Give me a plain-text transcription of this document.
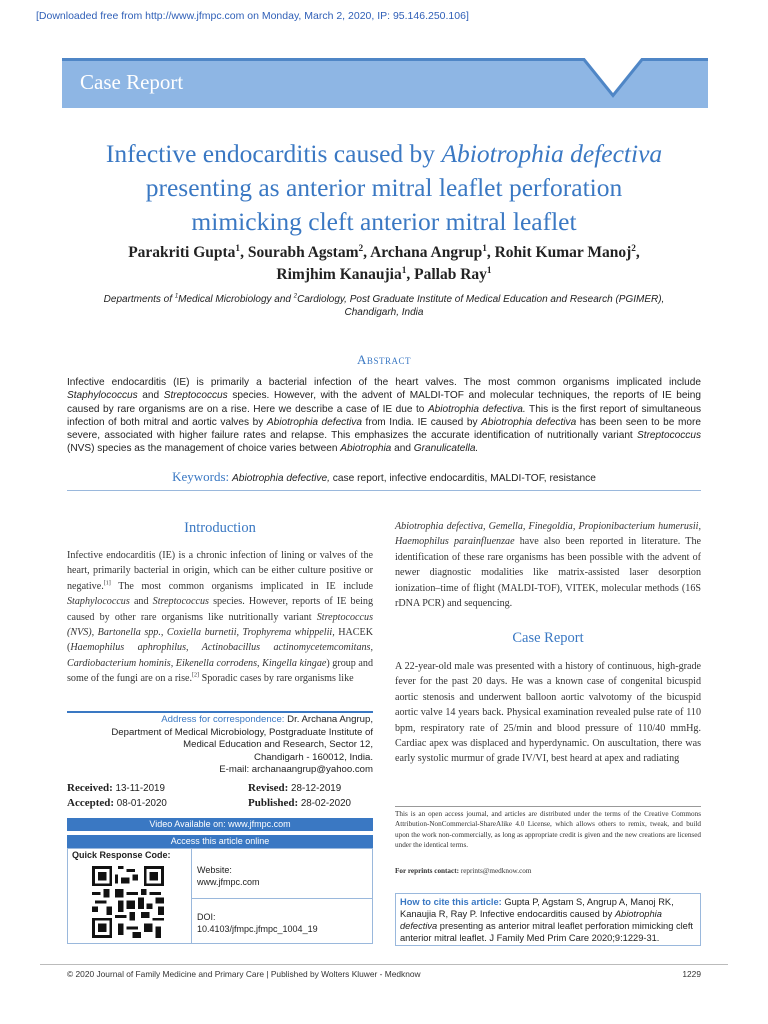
[Downloaded free from http://www.jfmpc.com on Monday, March 2, 2020, IP: 95.146.250.106]
Case Report
Infective endocarditis caused by Abiotrophia defectiva
presenting as anterior mitral leaflet perforation
mimicking cleft anterior mitral leaflet
Parakriti Gupta$^1$, Sourabh Agstam$^2$, Archana Angrup$^1$, Rohit Kumar Manoj$^2$,
Rimjhim Kanaujia$^1$, Pallab Ray$^1$
Departments of $^1$Medical Microbiology and $^2$Cardiology, Post Graduate Institute of Medical Education and Research (PGIMER),
Chandigarh, India
Abstract
Infective endocarditis (IE) is primarily a bacterial infection of the heart valves. The most common organisms implicated include Staphylococcus and Streptococcus species. However, with the advent of MALDI-TOF and molecular techniques, the reports of IE being caused by rare organisms are on a rise. Here we describe a case of IE due to Abiotrophia defectiva. This is the first report of simultaneous infection of both mitral and aortic valves by Abiotrophia defectiva from India. IE caused by Abiotrophia defectiva has been seen to be more severe, associated with higher failure rates and relapse. This emphasizes the accurate identification of nutritionally variant Streptococcus (NVS) species as the management of choice varies between Abiotrophia and Granulicatella.
Keywords: Abiotrophia defective, case report, infective endocarditis, MALDI-TOF, resistance
Introduction
Infective endocarditis (IE) is a chronic infection of lining or valves of the heart, primarily bacterial in origin, which can be either culture positive or negative.[1] The most common organisms implicated in IE include Staphylococcus and Streptococcus species. However, reports of IE being caused by other rare organisms like nutritionally variant Streptococcus (NVS), Bartonella spp., Coxiella burnetii, Trophyrema whippelii, HACEK (Haemophilus aphrophilus, Actinobacillus actinomycetemcomitans, Cardiobacterium hominis, Eikenella corrodens, Kingella kingae) group and some of the fungi are on a rise.[2] Sporadic cases by rare organisms like
Abiotrophia defectiva, Gemella, Finegoldia, Propionibacterium humerusii, Haemophilus parainfluenzae have also been reported in literature. The identification of these rare organisms has been possible with the advent of newer diagnostic modalities like matrix-assisted laser desorption ionization–time of flight (MALDI-TOF), VITEK, molecular methods (16S rDNA PCR) and sequencing.
Case Report
A 22-year-old male was presented with a history of continuous, high-grade fever for the past 20 days. He was a known case of congenital bicuspid aortic stenosis and underwent balloon aortic valvotomy of the bicuspid aortic valve 14 years back. Physical examination revealed pulse rate of 110 bpm, respiratory rate of 25/min and blood pressure of 110/40 mmHg. Cardiac apex was displaced and hyperdynamic. On auscultation, there was early systolic murmur of grade IV/VI, best heard at apex and radiating
Address for correspondence: Dr. Archana Angrup,
Department of Medical Microbiology, Postgraduate Institute of
Medical Education and Research, Sector 12,
Chandigarh - 160012, India.
E-mail: archanaangrup@yahoo.com
Received: 13-11-2019	Revised: 28-12-2019
Accepted: 08-01-2020	Published: 28-02-2020
Video Available on: www.jfmpc.com
Access this article online
Quick Response Code:
Website:
www.jfmpc.com
DOI:
10.4103/jfmpc.jfmpc_1004_19
This is an open access journal, and articles are distributed under the terms of the Creative Commons Attribution-NonCommercial-ShareAlike 4.0 License, which allows others to remix, tweak, and build upon the work non-commercially, as long as appropriate credit is given and the new creations are licensed under the identical terms.
For reprints contact: reprints@medknow.com
How to cite this article: Gupta P, Agstam S, Angrup A, Manoj RK, Kanaujia R, Ray P. Infective endocarditis caused by Abiotrophia defectiva presenting as anterior mitral leaflet perforation mimicking cleft anterior mitral leaflet. J Family Med Prim Care 2020;9:1229-31.
© 2020 Journal of Family Medicine and Primary Care | Published by Wolters Kluwer - Medknow	1229
